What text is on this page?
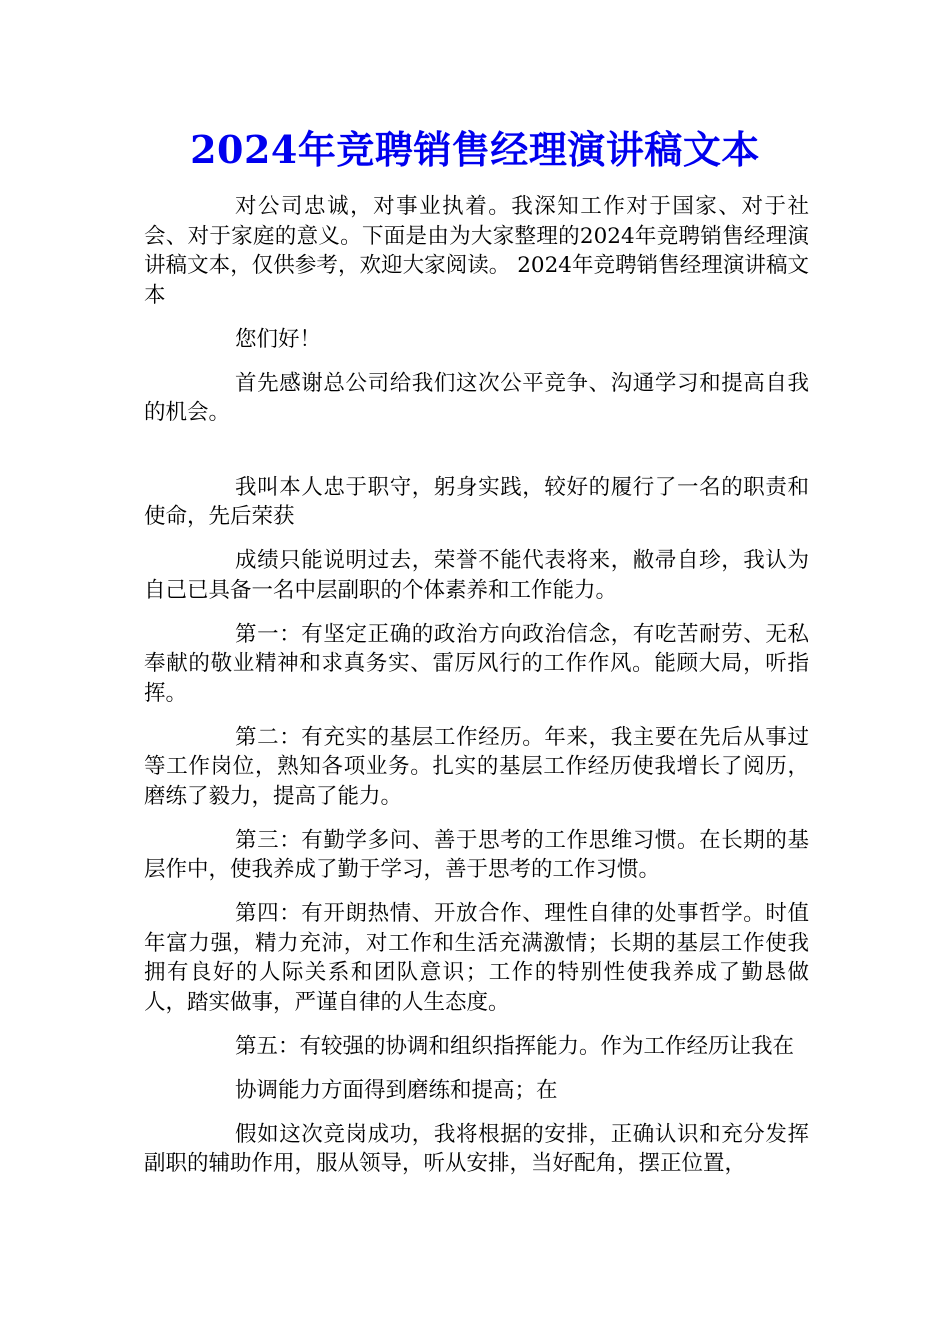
2024年竞聘销售经理演讲稿文本

对公司忠诚，对事业执着。我深知工作对于国家、对于社会、对于家庭的意义。下面是由为大家整理的2024年竞聘销售经理演讲稿文本，仅供参考，欢迎大家阅读。 2024年竞聘销售经理演讲稿文本

您们好！

首先感谢总公司给我们这次公平竞争、沟通学习和提高自我的机会。

我叫本人忠于职守，躬身实践，较好的履行了一名的职责和使命，先后荣获

成绩只能说明过去，荣誉不能代表将来，敝帚自珍，我认为自己已具备一名中层副职的个体素养和工作能力。

第一：有坚定正确的政治方向政治信念，有吃苦耐劳、无私奉献的敬业精神和求真务实、雷厉风行的工作作风。能顾大局，听指挥。

第二：有充实的基层工作经历。年来，我主要在先后从事过等工作岗位，熟知各项业务。扎实的基层工作经历使我增长了阅历，磨练了毅力，提高了能力。

第三：有勤学多问、善于思考的工作思维习惯。在长期的基层作中，使我养成了勤于学习，善于思考的工作习惯。

第四：有开朗热情、开放合作、理性自律的处事哲学。时值年富力强，精力充沛，对工作和生活充满激情；长期的基层工作使我拥有良好的人际关系和团队意识；工作的特别性使我养成了勤恳做人，踏实做事，严谨自律的人生态度。

第五：有较强的协调和组织指挥能力。作为工作经历让我在

协调能力方面得到磨练和提高；在

假如这次竞岗成功，我将根据的安排，正确认识和充分发挥副职的辅助作用，服从领导，听从安排，当好配角，摆正位置，
